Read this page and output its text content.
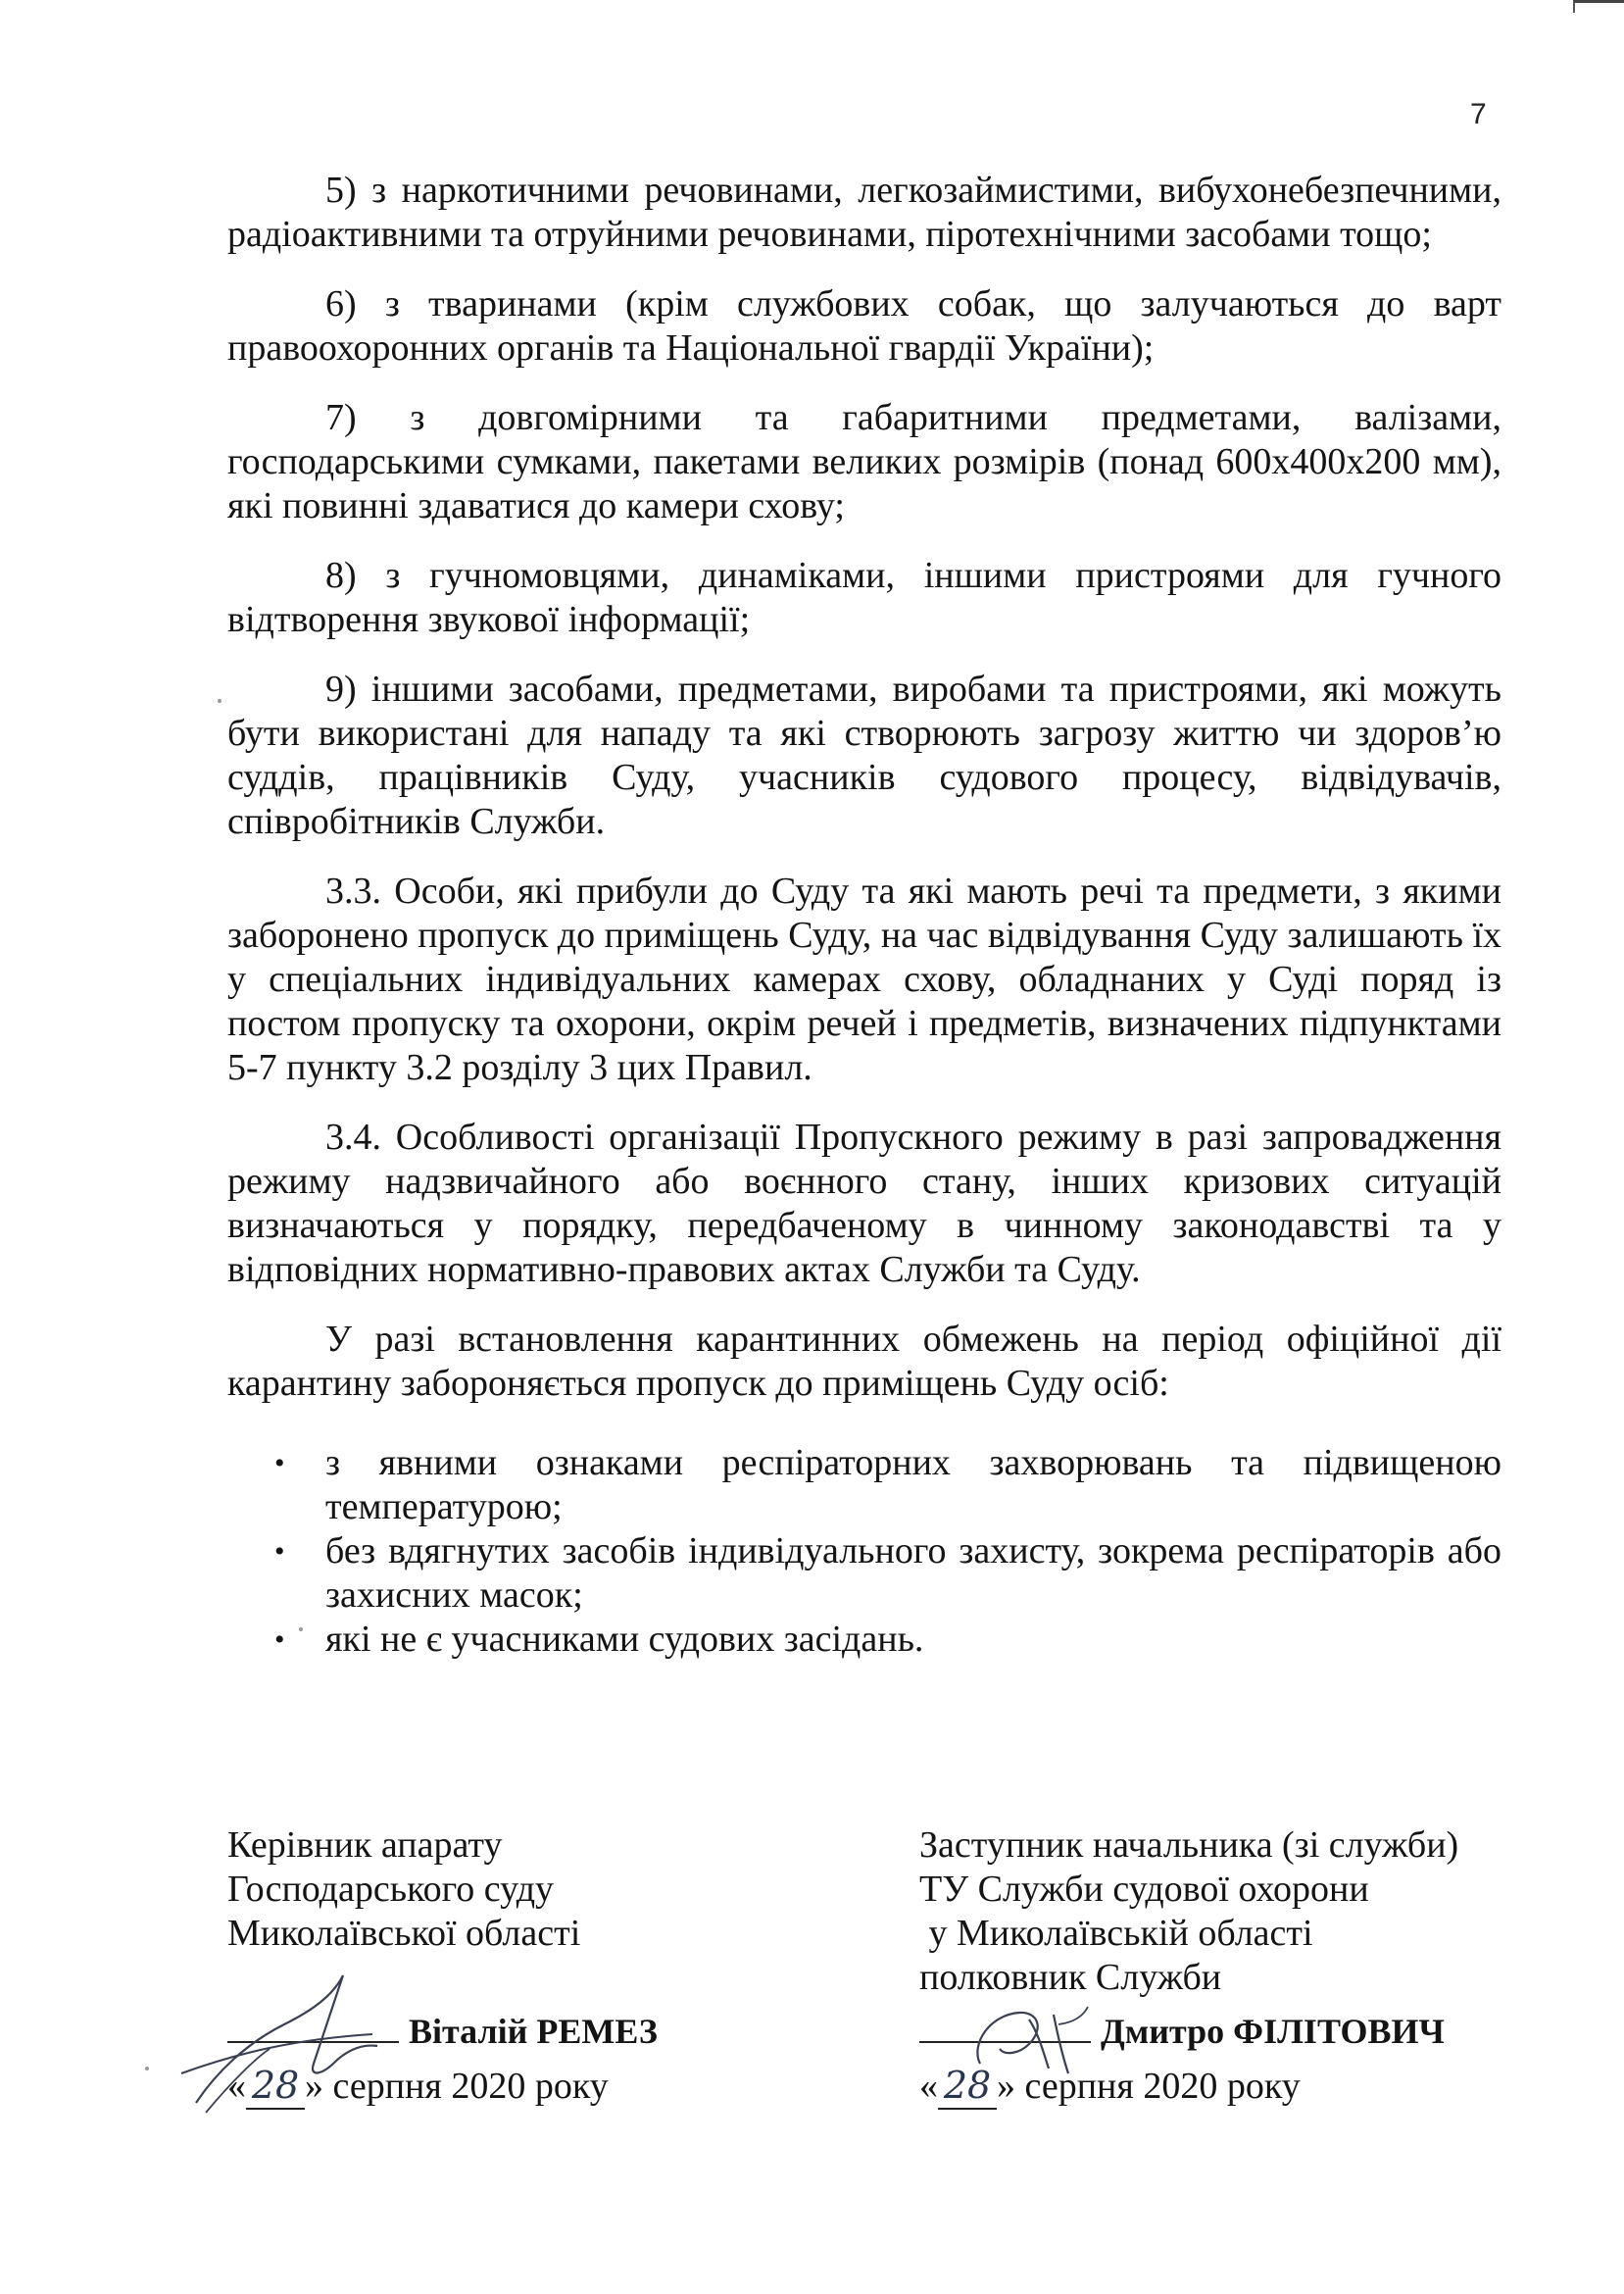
7

5) з наркотичними речовинами, легкозаймистими, вибухонебезпечними, радіоактивними та отруйними речовинами, піротехнічними засобами тощо;

6) з тваринами (крім службових собак, що залучаються до варт правоохоронних органів та Національної гвардії України);

7) з довгомірними та габаритними предметами, валізами, господарськими сумками, пакетами великих розмірів (понад 600х400х200 мм), які повинні здаватися до камери схову;

8) з гучномовцями, динаміками, іншими пристроями для гучного відтворення звукової інформації;

9) іншими засобами, предметами, виробами та пристроями, які можуть бути використані для нападу та які створюють загрозу життю чи здоров’ю суддів, працівників Суду, учасників судового процесу, відвідувачів, співробітників Служби.

3.3. Особи, які прибули до Суду та які мають речі та предмети, з якими заборонено пропуск до приміщень Суду, на час відвідування Суду залишають їх у спеціальних індивідуальних камерах схову, обладнаних у Суді поряд із постом пропуску та охорони, окрім речей і предметів, визначених підпунктами 5-7 пункту 3.2 розділу 3 цих Правил.

3.4. Особливості організації Пропускного режиму в разі запровадження режиму надзвичайного або воєнного стану, інших кризових ситуацій визначаються у порядку, передбаченому в чинному законодавстві та у відповідних нормативно-правових актах Служби та Суду.

У разі встановлення карантинних обмежень на період офіційної дії карантину забороняється пропуск до приміщень Суду осіб:

• з явними ознаками респіраторних захворювань та підвищеною температурою;
• без вдягнутих засобів індивідуального захисту, зокрема респіраторів або захисних масок;
• які не є учасниками судових засідань.
Керівник апарату
Господарського суду
Миколаївської області
Віталій РЕМЕЗ
« 28 » серпня 2020 року
Заступник начальника (зі служби)
ТУ Служби судової охорони
у Миколаївській області
полковник Служби
Дмитро ФІЛІТОВИЧ
« 28 » серпня 2020 року
